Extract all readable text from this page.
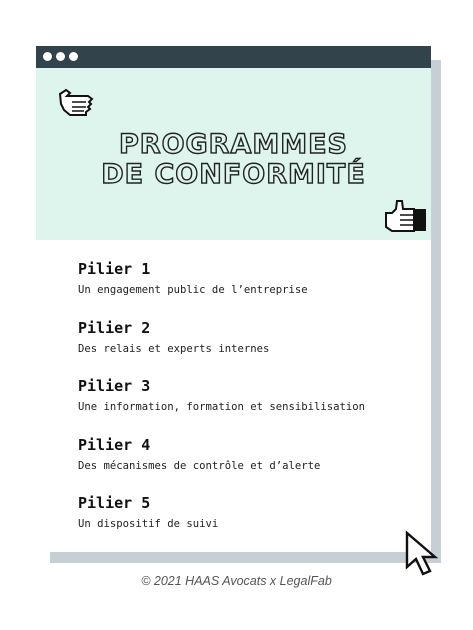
PROGRAMMES
DE CONFORMITÉ
Pilier 1
Un engagement public de l’entreprise
Pilier 2
Des relais et experts internes
Pilier 3
Une information, formation et sensibilisation
Pilier 4
Des mécanismes de contrôle et d’alerte
Pilier 5
Un dispositif de suivi
© 2021 HAAS Avocats x LegalFab
